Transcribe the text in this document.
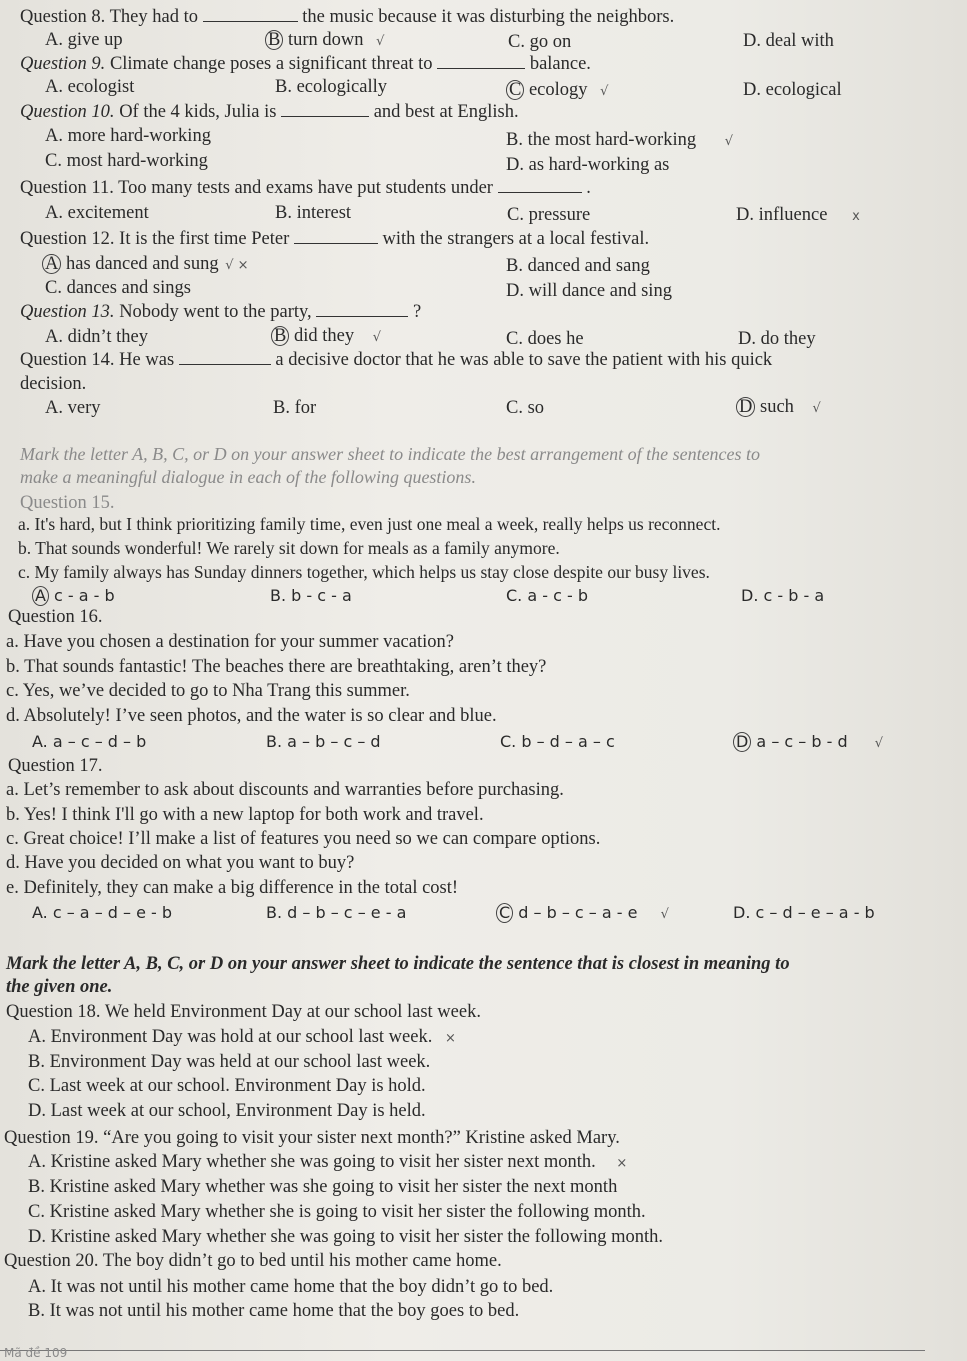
Question 8. They had to	the music because it was disturbing the neighbors.
A. give up	B turn down √	C. go on	D. deal with
Question 9. Climate change poses a significant threat to	balance.
A. ecologist	B. ecologically	C ecology √	D. ecological
Question 10. Of the 4 kids, Julia is	and best at English.
A. more hard-working	B. the most hard-working √
C. most hard-working	D. as hard-working as
Question 11. Too many tests and exams have put students under	.
A. excitement	B. interest	C. pressure	D. influence x
Question 12. It is the first time Peter	with the strangers at a local festival.
A has danced and sung √ ×	B. danced and sang
C. dances and sings	D. will dance and sing
Question 13. Nobody went to the party,	?
A. didn’t they	B did they √	C. does he	D. do they
Question 14. He was	a decisive doctor that he was able to save the patient with his quick
decision.
A. very	B. for	C. so	D such √
Mark the letter A, B, C, or D on your answer sheet to indicate the best arrangement of the sentences to
make a meaningful dialogue in each of the following questions.
Question 15.
a. It's hard, but I think prioritizing family time, even just one meal a week, really helps us reconnect.
b. That sounds wonderful! We rarely sit down for meals as a family anymore.
c. My family always has Sunday dinners together, which helps us stay close despite our busy lives.
A c - a - b	B. b - c - a	C. a - c - b	D. c - b - a
Question 16.
a. Have you chosen a destination for your summer vacation?
b. That sounds fantastic! The beaches there are breathtaking, aren’t they?
c. Yes, we’ve decided to go to Nha Trang this summer.
d. Absolutely! I’ve seen photos, and the water is so clear and blue.
A. a – c – d – b	B. a – b – c – d	C. b – d – a – c	D a – c – b - d √
Question 17.
a. Let’s remember to ask about discounts and warranties before purchasing.
b. Yes! I think I'll go with a new laptop for both work and travel.
c. Great choice! I’ll make a list of features you need so we can compare options.
d. Have you decided on what you want to buy?
e. Definitely, they can make a big difference in the total cost!
A. c – a – d – e - b	B. d – b – c – e - a	C d – b – c – a - e √	D. c – d – e – a - b
Mark the letter A, B, C, or D on your answer sheet to indicate the sentence that is closest in meaning to
the given one.
Question 18. We held Environment Day at our school last week.
A. Environment Day was hold at our school last week. ×
B. Environment Day was held at our school last week.
C. Last week at our school. Environment Day is hold.
D. Last week at our school, Environment Day is held.
Question 19. “Are you going to visit your sister next month?” Kristine asked Mary.
A. Kristine asked Mary whether she was going to visit her sister next month. ×
B. Kristine asked Mary whether was she going to visit her sister the next month
C. Kristine asked Mary whether she is going to visit her sister the following month.
D. Kristine asked Mary whether she was going to visit her sister the following month.
Question 20. The boy didn’t go to bed until his mother came home.
A. It was not until his mother came home that the boy didn’t go to bed.
B. It was not until his mother came home that the boy goes to bed.
Mã đề 109
